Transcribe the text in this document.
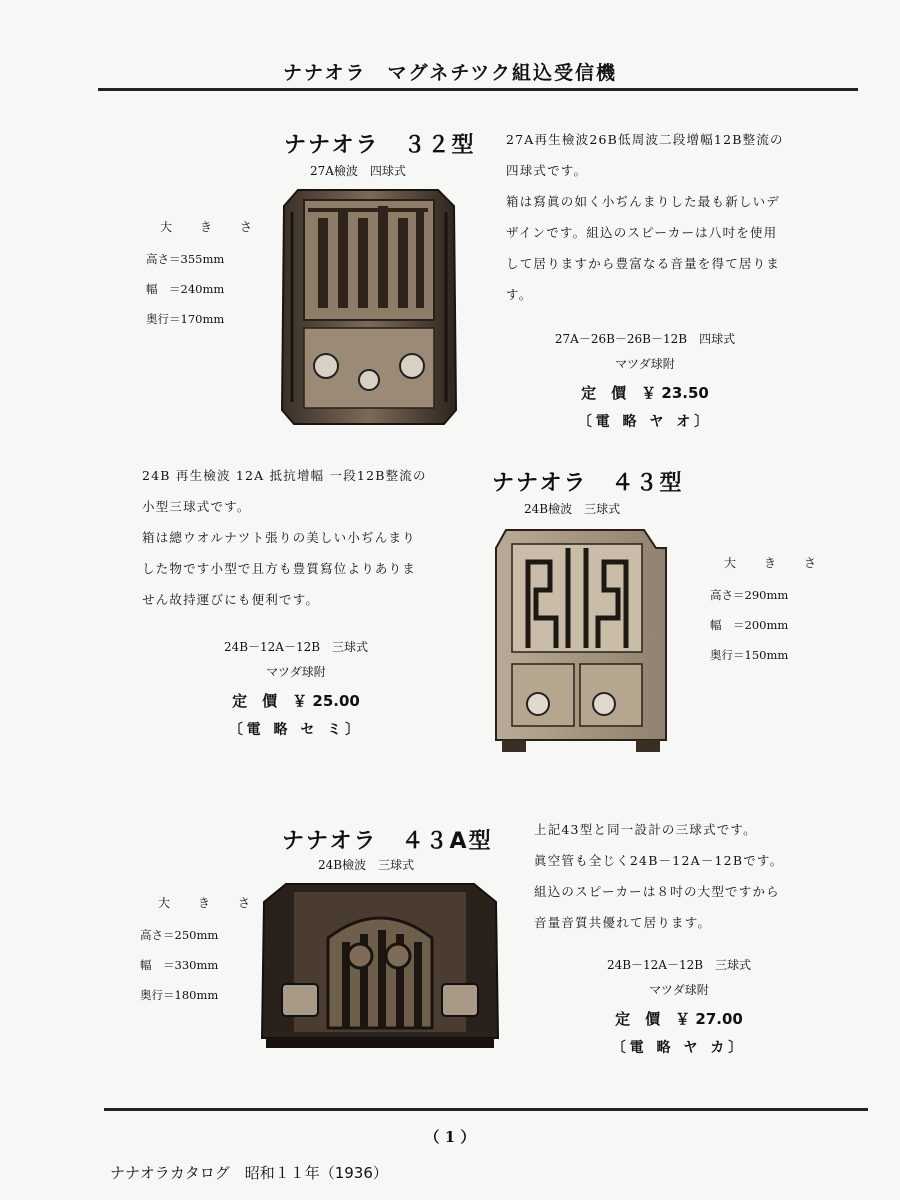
ナナオラ　マグネチツク組込受信機
ナナオラ　３２型
27A檢波　四球式
大　き　さ
高さ＝355mm
幅　＝240mm
奥行＝170mm
27A再生檢波26B低周波二段增幅12B整流の
四球式です。
箱は寫眞の如く小ぢんまりした最も新しいデ
ザインです。組込のスピーカーは八吋を使用
して居りますから豊富なる音量を得て居りま
す。
27A－26B－26B－12B　四球式
マツダ球附
定　價　￥ 23.50
〔電 略 ヤ オ〕
24B 再生檢波 12A 抵抗增幅 一段12B整流の
小型三球式です。
箱は總ウオルナツト張りの美しい小ぢんまり
した物です小型で且方も豊質寫位よりありま
せん故持運びにも便利です。
24B－12A－12B　三球式
マツダ球附
定　價　￥ 25.00
〔電 略 セ ミ〕
ナナオラ　４３型
24B檢波　三球式
大　き　さ
高さ＝290mm
幅　＝200mm
奥行＝150mm
ナナオラ　４３A型
24B檢波　三球式
上記43型と同一設計の三球式です。
眞空管も全じく24B－12A－12Bです。
組込のスピーカーは８吋の大型ですから
音量音質共優れて居ります。
大　き　さ
高さ＝250mm
幅　＝330mm
奥行＝180mm
24B－12A－12B　三球式
マツダ球附
定　價　￥ 27.00
〔電 略 ヤ カ〕
（ 1 ）
ナナオラカタログ　昭和１１年（1936）
